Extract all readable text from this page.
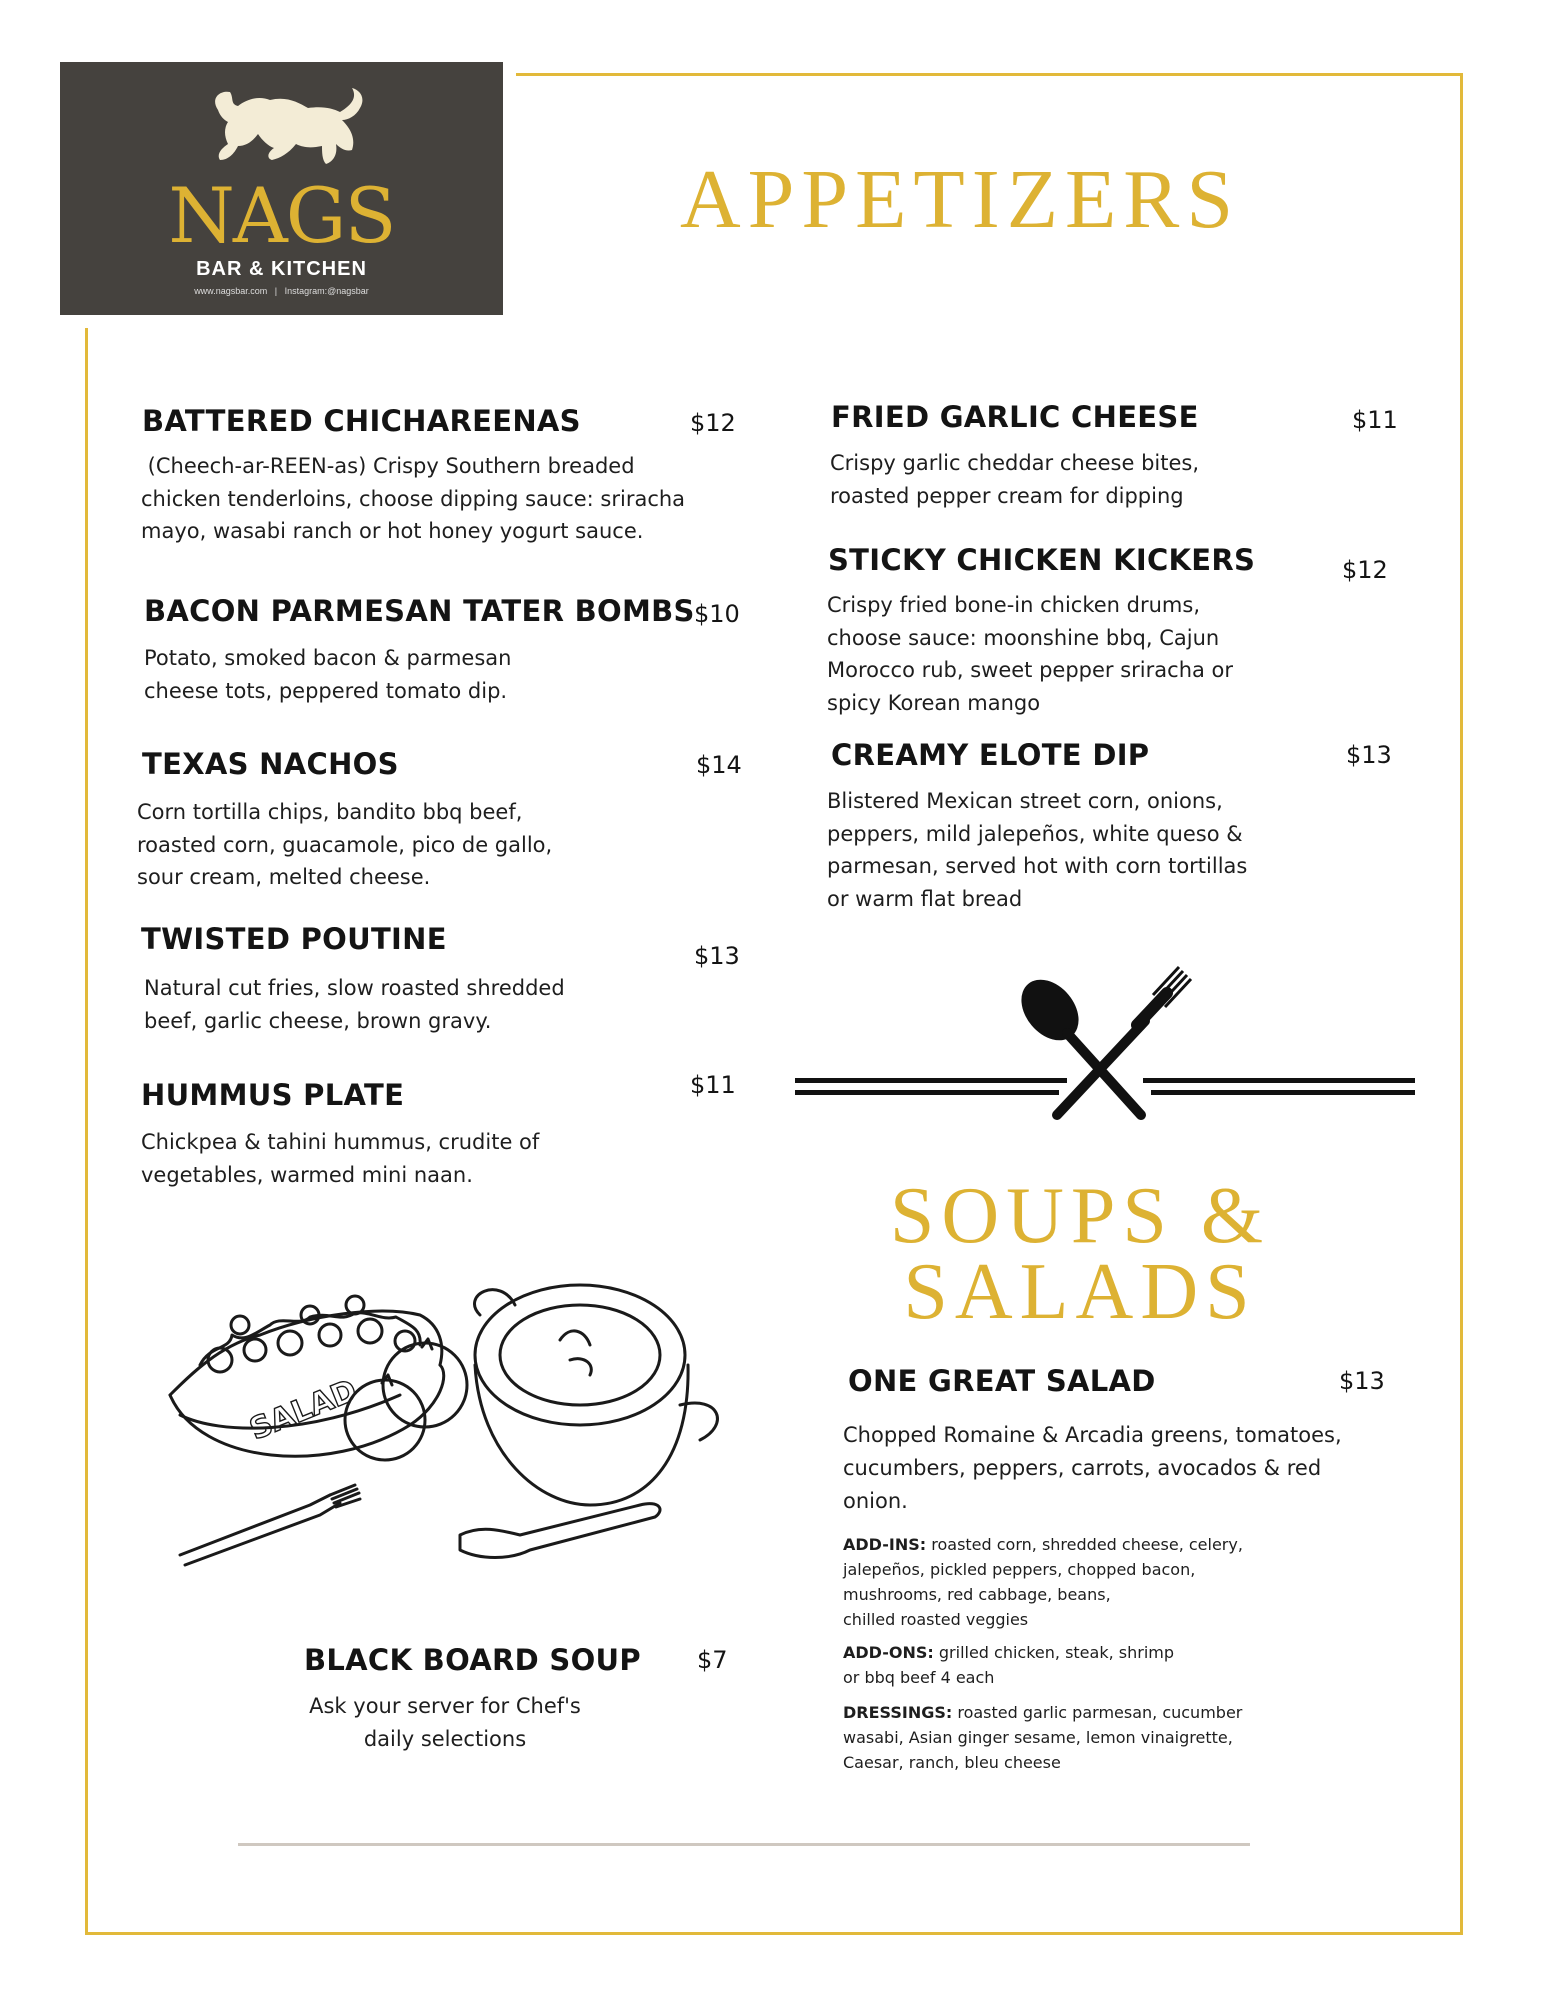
NAGS
BAR & KITCHEN
www.nagsbar.com   |   Instagram:@nagsbar
APPETIZERS
BATTERED CHICHAREENAS	$12
(Cheech-ar-REEN-as) Crispy Southern breaded
chicken tenderloins, choose dipping sauce: sriracha
mayo, wasabi ranch or hot honey yogurt sauce.
BACON PARMESAN TATER BOMBS $10
Potato, smoked bacon & parmesan
cheese tots, peppered tomato dip.
TEXAS NACHOS	$14
Corn tortilla chips, bandito bbq beef,
roasted corn, guacamole, pico de gallo,
sour cream, melted cheese.
TWISTED POUTINE	$13
Natural cut fries, slow roasted shredded
beef, garlic cheese, brown gravy.
HUMMUS PLATE	$11
Chickpea & tahini hummus, crudite of
vegetables, warmed mini naan.
FRIED GARLIC CHEESE	$11
Crispy garlic cheddar cheese bites,
roasted pepper cream for dipping
STICKY CHICKEN KICKERS	$12
Crispy fried bone-in chicken drums,
choose sauce: moonshine bbq, Cajun
Morocco rub, sweet pepper sriracha or
spicy Korean mango
CREAMY ELOTE DIP	$13
Blistered Mexican street corn, onions,
peppers, mild jalepeños, white queso &
parmesan, served hot with corn tortillas
or warm flat bread
SOUPS &
SALADS
ONE GREAT SALAD	$13
Chopped Romaine & Arcadia greens, tomatoes,
cucumbers, peppers, carrots, avocados & red
onion.
ADD-INS: roasted corn, shredded cheese, celery,
jalepeños, pickled peppers, chopped bacon,
mushrooms, red cabbage, beans,
chilled roasted veggies
ADD-ONS: grilled chicken, steak, shrimp
or bbq beef 4 each
DRESSINGS: roasted garlic parmesan, cucumber
wasabi, Asian ginger sesame, lemon vinaigrette,
Caesar, ranch, bleu cheese
SALAD
BLACK BOARD SOUP $7
Ask your server for Chef's
daily selections
